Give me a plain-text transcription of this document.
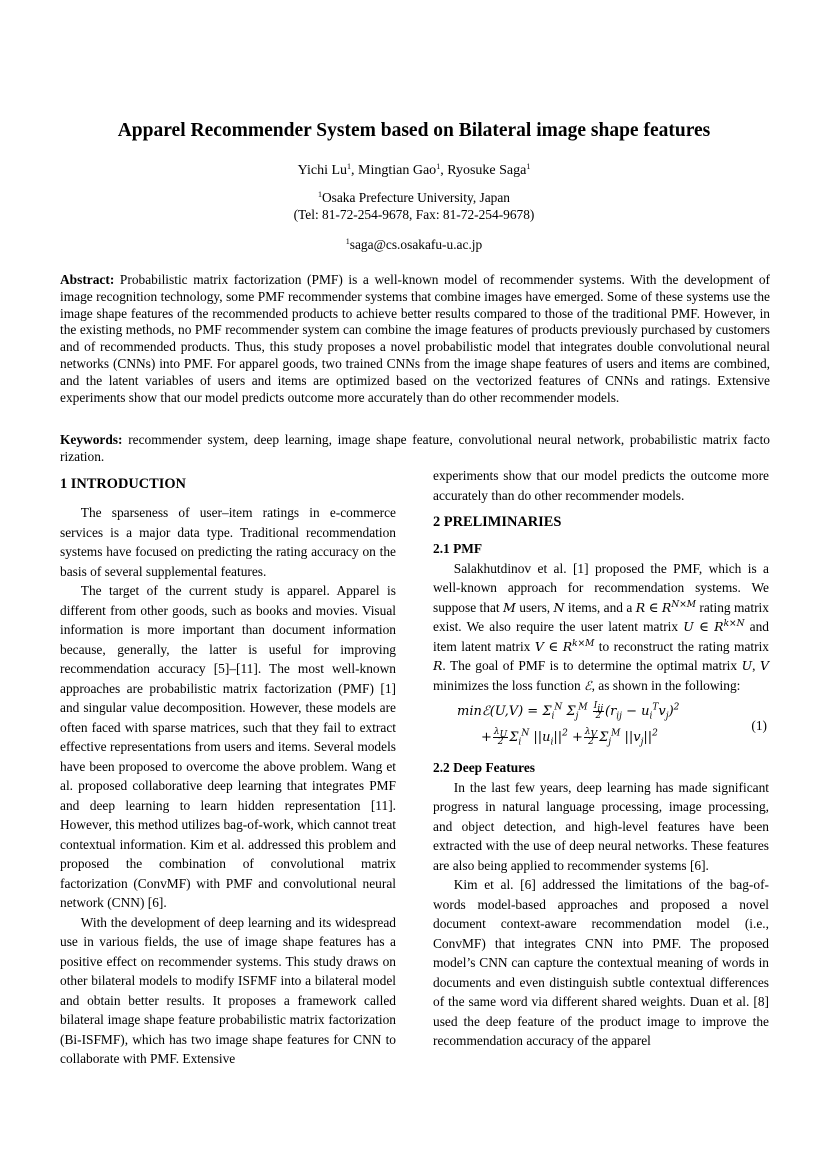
Apparel Recommender System based on Bilateral image shape features
Yichi Lu$^1$, Mingtian Gao$^1$, Ryosuke Saga$^1$
$^1$Osaka Prefecture University, Japan
(Tel: 81-72-254-9678, Fax: 81-72-254-9678)
$^1$saga@cs.osakafu-u.ac.jp

Abstract: Probabilistic matrix factorization (PMF) is a well-known model of recommender systems. With the development of image recognition technology, some PMF recommender systems that combine images have emerged. Some of these systems use the image shape features of the recommended products to achieve better results compared to those of the traditional PMF. However, in the existing methods, no PMF recommender system can combine the image features of products previously purchased by customers and of recommended products. Thus, this study proposes a novel probabilistic model that integrates double convolutional neural networks (CNNs) into PMF. For apparel goods, two trained CNNs from the image shape features of users and items are combined, and the latent variables of users and items are optimized based on the vectorized features of CNNs and ratings. Extensive experiments show that our model predicts outcome more accurately than do other recommender models.

Keywords: recommender system, deep learning, image shape feature, convolutional neural network, probabilistic matrix facto rization.

1 INTRODUCTION

The sparseness of user–item ratings in e-commerce services is a major data type. Traditional recommendation systems have focused on predicting the rating accuracy on the basis of several supplemental features.

The target of the current study is apparel. Apparel is different from other goods, such as books and movies. Visual information is more important than document information because, generally, the latter is useful for improving recommendation accuracy [5]–[11]. The most well-known approaches are probabilistic matrix factorization (PMF) [1] and singular value decomposition. However, these models are often faced with sparse matrices, such that they fail to extract effective representations from users and items. Several models have been proposed to overcome the above problem. Wang et al. proposed collaborative deep learning that integrates PMF and deep learning to learn hidden representation [11]. However, this method utilizes bag-of-work, which cannot treat contextual information. Kim et al. addressed this problem and proposed the combination of convolutional matrix factorization (ConvMF) with PMF and convolutional neural network (CNN) [6].

With the development of deep learning and its widespread use in various fields, the use of image shape features has a positive effect on recommender systems. This study draws on other bilateral models to modify ISFMF into a bilateral model and obtain better results. It proposes a framework called bilateral image shape feature probabilistic matrix factorization (Bi-ISFMF), which has two image shape features for CNN to collaborate with PMF. Extensive

experiments show that our model predicts the outcome more accurately than do other recommender models.

2 PRELIMINARIES
2.1 PMF

Salakhutdinov et al. [1] proposed the PMF, which is a well-known approach for recommendation systems. We suppose that M users, N items, and a R ∈ $R^{N\times M}$ rating matrix exist. We also require the user latent matrix U ∈ $R^{k\times N}$ and item latent matrix V ∈ $R^{k\times M}$ to reconstruct the rating matrix R. The goal of PMF is to determine the optimal matrix U, V minimizes the loss function ℰ, as shown in the following:

minℰ(U,V) = $\Sigma_i^N$ $\Sigma_j^M \frac{I_{ij}}{2} (r_{ij} - u_i^Tv_j)^2$
+ $\frac{\lambda_U}{2} \Sigma_i^N$ $||u_i||^2 + \frac{\lambda_V}{2} \Sigma_j^M$ $||v_j||^2$
(1)
2.2 Deep Features

In the last few years, deep learning has made significant progress in natural language processing, image processing, and object detection, and high-level features have been extracted with the use of deep neural networks. These features are also being applied to recommender systems [6].

Kim et al. [6] addressed the limitations of the bag-of-words model-based approaches and proposed a novel document context-aware recommendation model (i.e., ConvMF) that integrates CNN into PMF. The proposed model’s CNN can capture the contextual meaning of words in documents and even distinguish subtle contextual differences of the same word via different shared weights. Duan et al. [8] used the deep feature of the product image to improve the recommendation accuracy of the apparel
